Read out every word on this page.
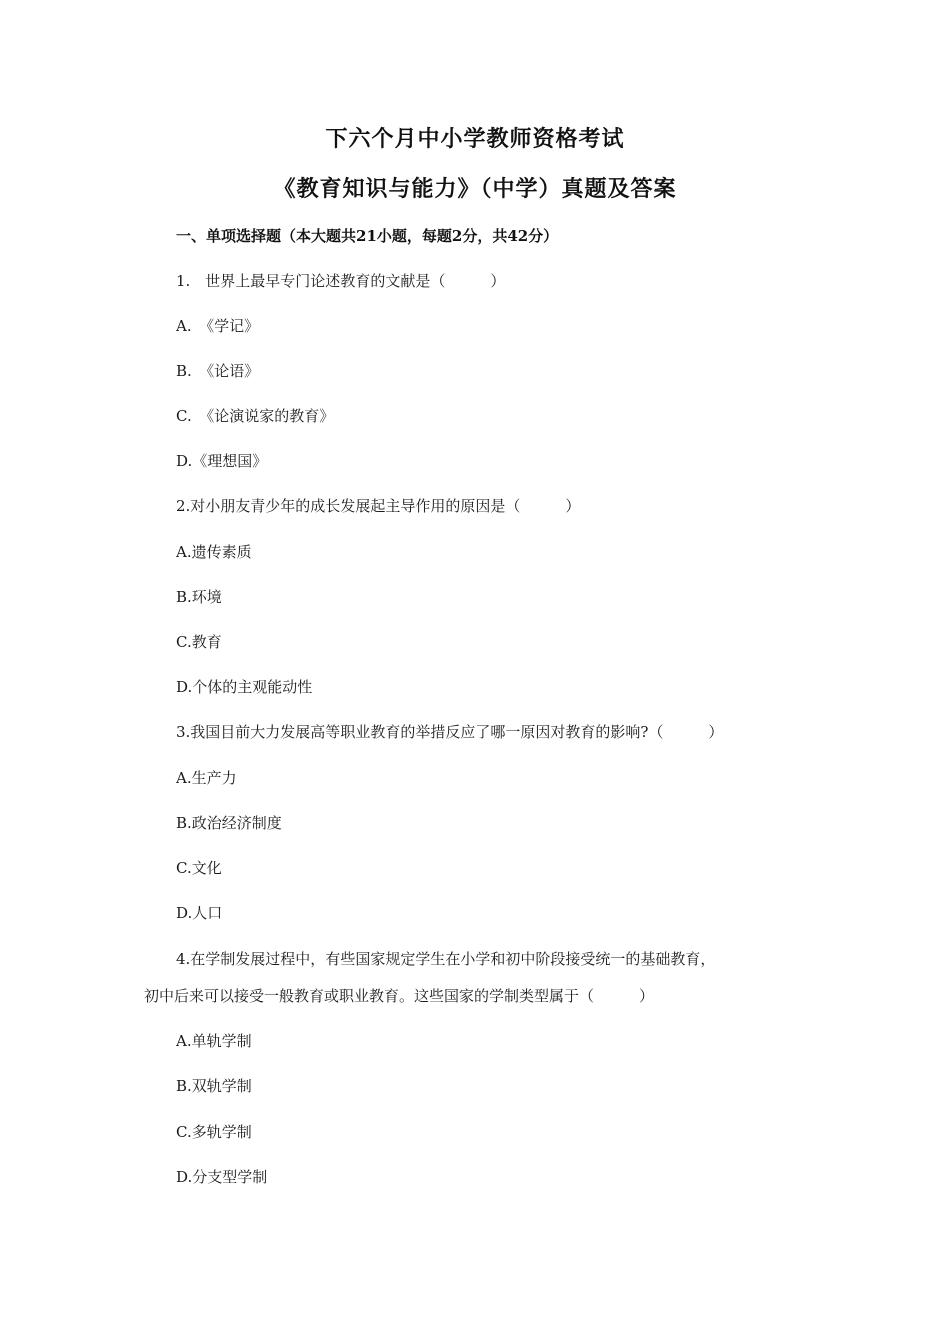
下六个月中小学教师资格考试
《教育知识与能力》（中学）真题及答案
一、单项选择题（本大题共21小题，每题2分，共42分）
1.　世界上最早专门论述教育的文献是（　　　）
A.　《学记》
B.　《论语》
C.　《论演说家的教育》
D.《理想国》
2.对小朋友青少年的成长发展起主导作用的原因是（　　　）
A.遗传素质
B.环境
C.教育
D.个体的主观能动性
3.我国目前大力发展高等职业教育的举措反应了哪一原因对教育的影响?（　　　）
A.生产力
B.政治经济制度
C.文化
D.人口
4.在学制发展过程中，有些国家规定学生在小学和初中阶段接受统一的基础教育，
初中后来可以接受一般教育或职业教育。这些国家的学制类型属于（　　　）
A.单轨学制
B.双轨学制
C.多轨学制
D.分支型学制
